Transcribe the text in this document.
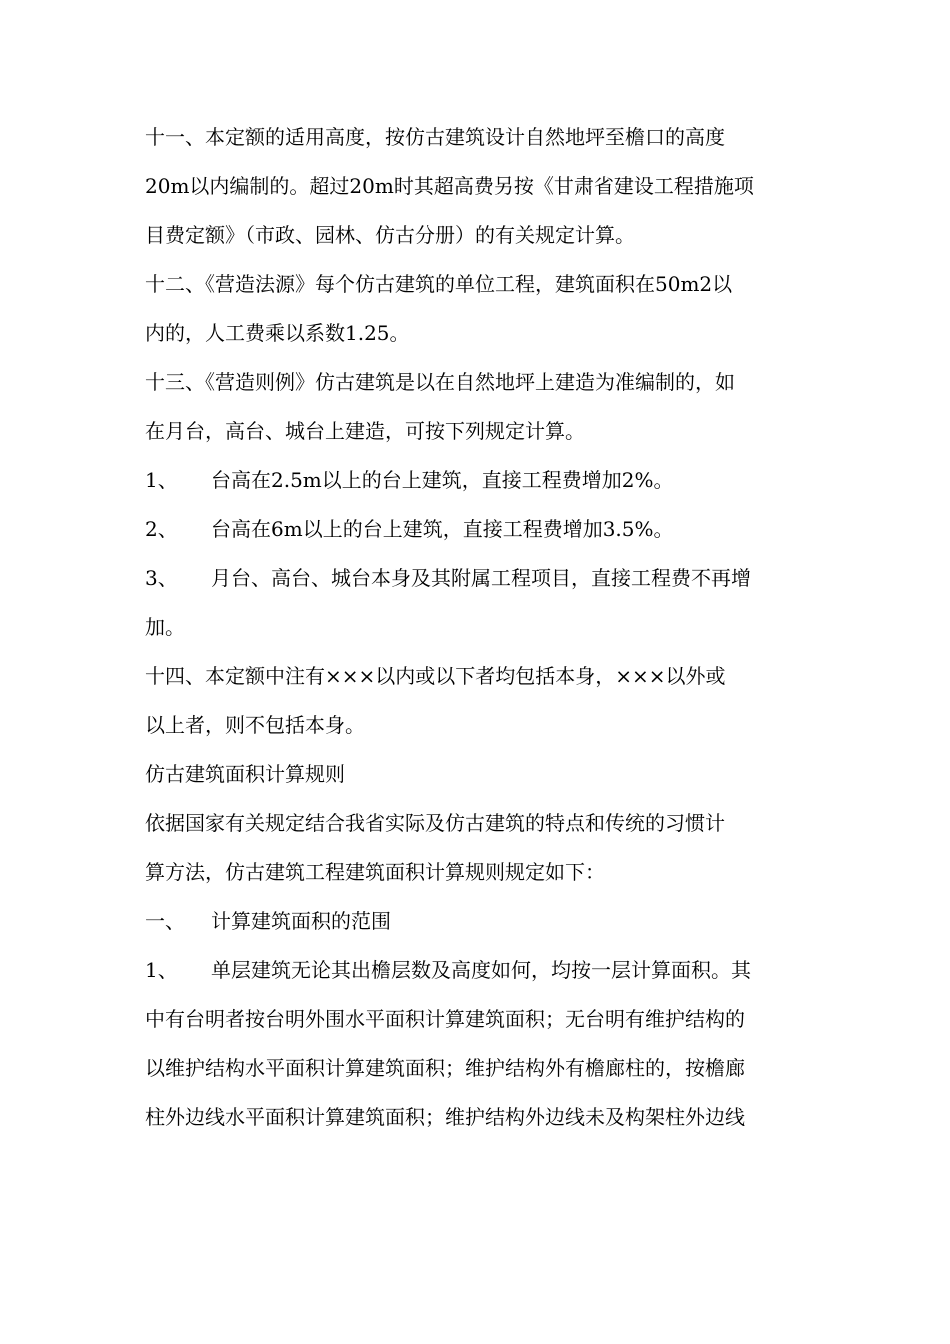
十一、本定额的适用高度，按仿古建筑设计自然地坪至檐口的高度
20m以内编制的。超过20m时其超高费另按《甘肃省建设工程措施项
目费定额》（市政、园林、仿古分册）的有关规定计算。
十二、《营造法源》每个仿古建筑的单位工程，建筑面积在50m2以
内的，人工费乘以系数1.25。
十三、《营造则例》仿古建筑是以在自然地坪上建造为准编制的，如
在月台，高台、城台上建造，可按下列规定计算。
1、 台高在2.5m以上的台上建筑，直接工程费增加2%。
2、 台高在6m以上的台上建筑，直接工程费增加3.5%。
3、 月台、高台、城台本身及其附属工程项目，直接工程费不再增
加。
十四、本定额中注有×××以内或以下者均包括本身，×××以外或
以上者，则不包括本身。
仿古建筑面积计算规则
依据国家有关规定结合我省实际及仿古建筑的特点和传统的习惯计
算方法，仿古建筑工程建筑面积计算规则规定如下：
一、 计算建筑面积的范围
1、 单层建筑无论其出檐层数及高度如何，均按一层计算面积。其
中有台明者按台明外围水平面积计算建筑面积；无台明有维护结构的
以维护结构水平面积计算建筑面积；维护结构外有檐廊柱的，按檐廊
柱外边线水平面积计算建筑面积；维护结构外边线未及构架柱外边线
